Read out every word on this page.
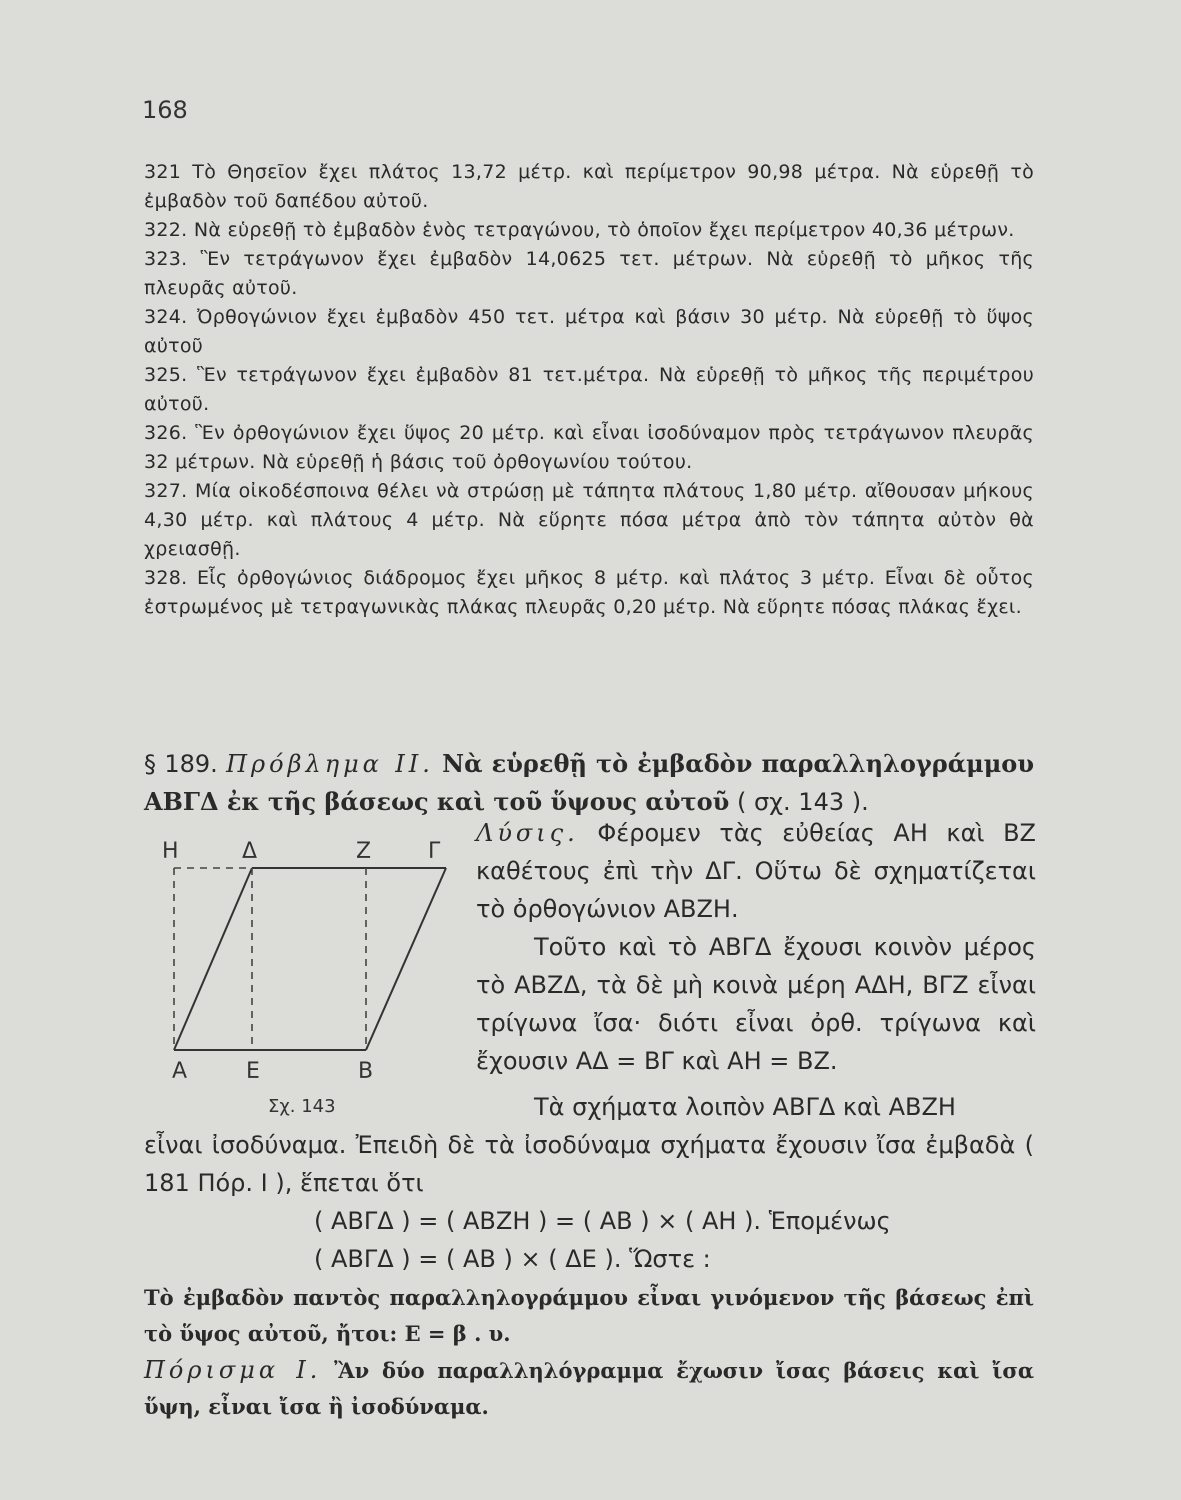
168

321 Τὸ Θησεῖον ἔχει πλάτος 13,72 μέτρ. καὶ περίμετρον 90,98 μέτρα. Νὰ εὑρεθῇ τὸ ἐμβαδὸν τοῦ δαπέδου αὐτοῦ.

322. Νὰ εὑρεθῇ τὸ ἐμβαδὸν ἑνὸς τετραγώνου, τὸ ὁποῖον ἔχει περίμετρον 40,36 μέτρων.

323. Ἓν τετράγωνον ἔχει ἐμβαδὸν 14,0625 τετ. μέτρων. Νὰ εὑρεθῇ τὸ μῆκος τῆς πλευρᾶς αὐτοῦ.

324. Ὀρθογώνιον ἔχει ἐμβαδὸν 450 τετ. μέτρα καὶ βάσιν 30 μέτρ. Νὰ εὑρεθῇ τὸ ὕψος αὐτοῦ

325. Ἓν τετράγωνον ἔχει ἐμβαδὸν 81 τετ.μέτρα. Νὰ εὑρεθῇ τὸ μῆκος τῆς περιμέτρου αὐτοῦ.

326. Ἓν ὀρθογώνιον ἔχει ὕψος 20 μέτρ. καὶ εἶναι ἰσοδύναμον πρὸς τετράγωνον πλευρᾶς 32 μέτρων. Νὰ εὑρεθῇ ἡ βάσις τοῦ ὀρθογωνίου τούτου.

327. Μία οἰκοδέσποινα θέλει νὰ στρώσῃ μὲ τάπητα πλάτους 1,80 μέτρ. αἴθουσαν μήκους 4,30 μέτρ. καὶ πλάτους 4 μέτρ. Νὰ εὕρητε πόσα μέτρα ἀπὸ τὸν τάπητα αὐτὸν θὰ χρειασθῇ.

328. Εἷς ὀρθογώνιος διάδρομος ἔχει μῆκος 8 μέτρ. καὶ πλάτος 3 μέτρ. Εἶναι δὲ οὗτος ἐστρωμένος μὲ τετραγωνικὰς πλάκας πλευρᾶς 0,20 μέτρ. Νὰ εὕρητε πόσας πλάκας ἔχει.

§ 189. Πρόβλημα ΙΙ. Νὰ εὑρεθῇ τὸ ἐμβαδὸν παραλληλογράμμου ΑΒΓΔ ἐκ τῆς βάσεως καὶ τοῦ ὕψους αὐτοῦ ( σχ. 143 ).

Η	Δ	Ζ	Γ
Α	Ε	Β
Σχ. 143

Λύσις. Φέρομεν τὰς εὐθείας ΑΗ καὶ ΒΖ καθέτους ἐπὶ τὴν ΔΓ. Οὕτω δὲ σχηματίζεται τὸ ὀρθογώνιον ΑΒΖΗ.

Τοῦτο καὶ τὸ ΑΒΓΔ ἔχουσι κοινὸν μέρος τὸ ΑΒΖΔ, τὰ δὲ μὴ κοινὰ μέρη ΑΔΗ, ΒΓΖ εἶναι τρίγωνα ἴσα· διότι εἶναι ὀρθ. τρίγωνα καὶ ἔχουσιν ΑΔ = ΒΓ καὶ ΑΗ = ΒΖ.

Τὰ σχήματα λοιπὸν ΑΒΓΔ καὶ ΑΒΖΗ

εἶναι ἰσοδύναμα. Ἐπειδὴ δὲ τὰ ἰσοδύναμα σχήματα ἔχουσιν ἴσα ἐμβαδὰ ( 181 Πόρ. Ι ), ἕπεται ὅτι

( ΑΒΓΔ ) = ( ΑΒΖΗ ) = ( ΑΒ ) × ( ΑΗ ). Ἑπομένως

( ΑΒΓΔ ) = ( ΑΒ ) × ( ΔΕ ). Ὥστε :

Τὸ ἐμβαδὸν παντὸς παραλληλογράμμου εἶναι γινόμενον τῆς βάσεως ἐπὶ τὸ ὕψος αὐτοῦ, ἤτοι: Ε = β . υ.

Πόρισμα Ι. Ἂν δύο παραλληλόγραμμα ἔχωσιν ἴσας βάσεις καὶ ἴσα ὕψη, εἶναι ἴσα ἢ ἰσοδύναμα.
